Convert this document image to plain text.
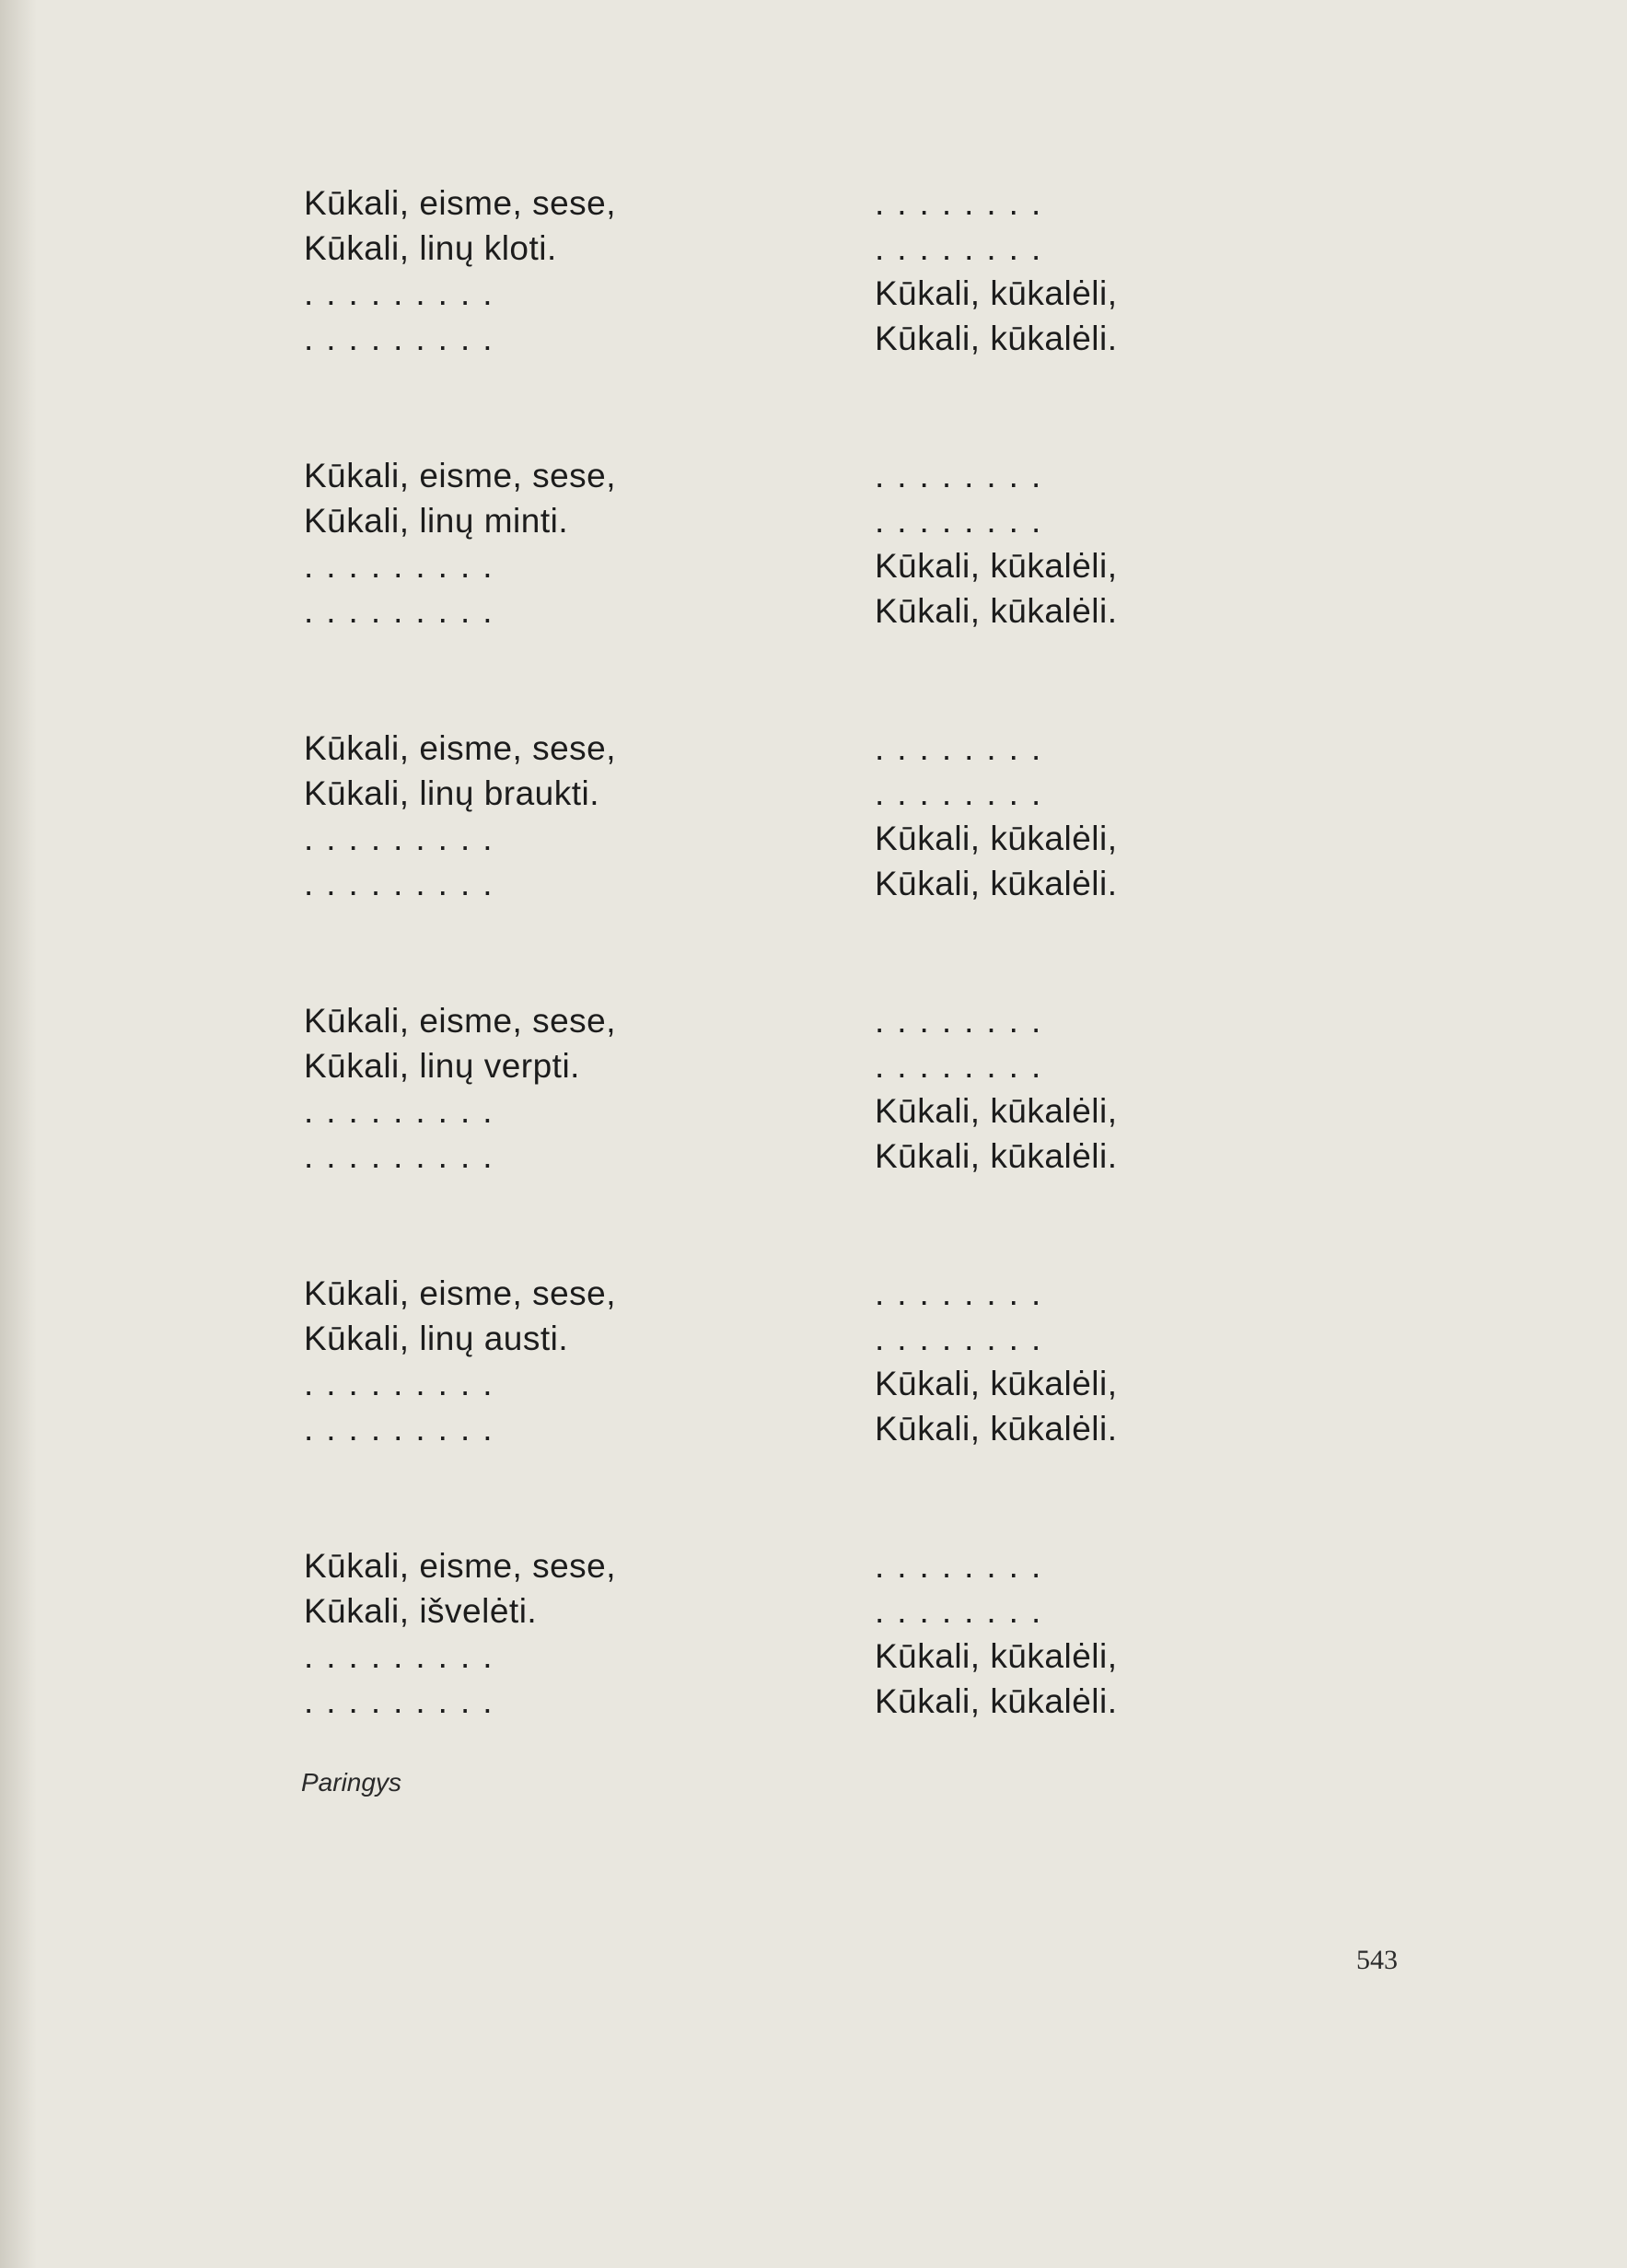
Kūkali, eisme, sese,	........
Kūkali, linų kloti.	........
.........	Kūkali, kūkalėli,
.........	Kūkali, kūkalėli.
Kūkali, eisme, sese,	........
Kūkali, linų minti.	........
.........	Kūkali, kūkalėli,
.........	Kūkali, kūkalėli.
Kūkali, eisme, sese,	........
Kūkali, linų braukti.	........
.........	Kūkali, kūkalėli,
.........	Kūkali, kūkalėli.
Kūkali, eisme, sese,	........
Kūkali, linų verpti.	........
.........	Kūkali, kūkalėli,
.........	Kūkali, kūkalėli.
Kūkali, eisme, sese,	........
Kūkali, linų austi.	........
.........	Kūkali, kūkalėli,
.........	Kūkali, kūkalėli.
Kūkali, eisme, sese,	........
Kūkali, išvelėti.	........
.........	Kūkali, kūkalėli,
.........	Kūkali, kūkalėli.
Paringys
543
